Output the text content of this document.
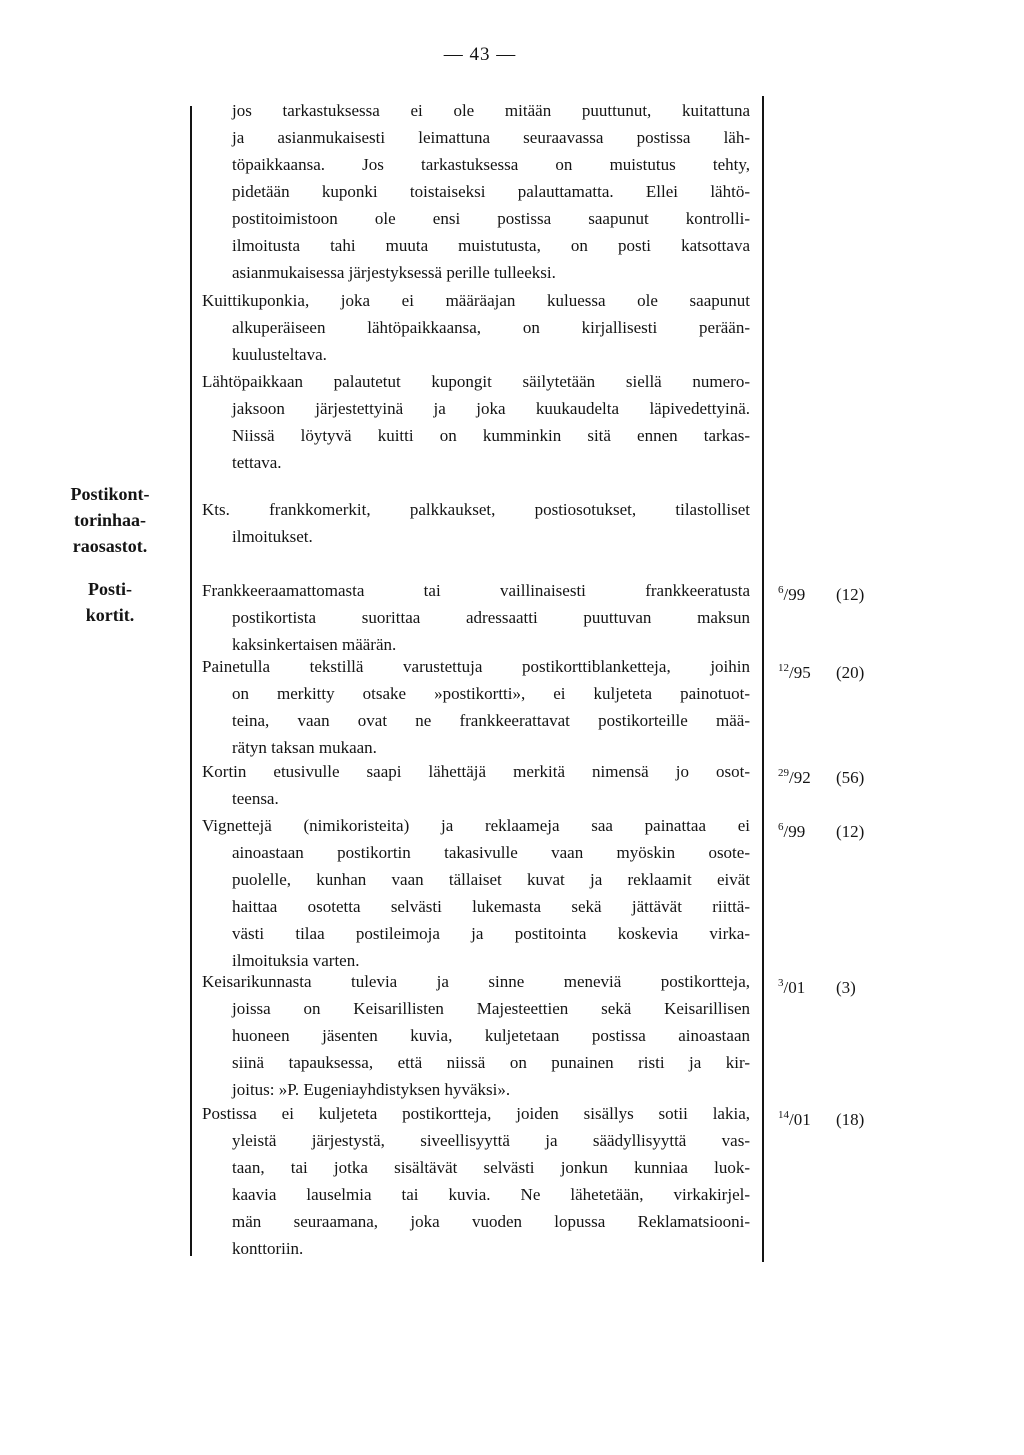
— 43 —
Postikont-
torinhaa-
raosastot.
Posti-
kortit.
jos tarkastuksessa ei ole mitään puuttunut, kuitattuna
ja asianmukaisesti leimattuna seuraavassa postissa läh-
töpaikkaansa. Jos tarkastuksessa on muistutus tehty,
pidetään kuponki toistaiseksi palauttamatta. Ellei lähtö-
postitoimistoon ole ensi postissa saapunut kontrolli-
ilmoitusta tahi muuta muistutusta, on posti katsottava
asianmukaisessa järjestyksessä perille tulleeksi.
Kuittikuponkia, joka ei määräajan kuluessa ole saapunut
alkuperäiseen lähtöpaikkaansa, on kirjallisesti perään-
kuulusteltava.
Lähtöpaikkaan palautetut kupongit säilytetään siellä numero-
jaksoon järjestettyinä ja joka kuukaudelta läpivedettyinä.
Niissä löytyvä kuitti on kumminkin sitä ennen tarkas-
tettava.
Kts. frankkomerkit, palkkaukset, postiosotukset, tilastolliset
ilmoitukset.
Frankkeeraamattomasta tai vaillinaisesti frankkeeratusta
postikortista suorittaa adressaatti puuttuvan maksun
kaksinkertaisen määrän.
Painetulla tekstillä varustettuja postikorttiblanketteja, joihin
on merkitty otsake »postikortti», ei kuljeteta painotuot-
teina, vaan ovat ne frankkeerattavat postikorteille mää-
rätyn taksan mukaan.
Kortin etusivulle saapi lähettäjä merkitä nimensä jo osot-
teensa.
Vignettejä (nimikoristeita) ja reklaameja saa painattaa ei
ainoastaan postikortin takasivulle vaan myöskin osote-
puolelle, kunhan vaan tällaiset kuvat ja reklaamit eivät
haittaa osotetta selvästi lukemasta sekä jättävät riittä-
västi tilaa postileimoja ja postitointa koskevia virka-
ilmoituksia varten.
Keisarikunnasta tulevia ja sinne meneviä postikortteja,
joissa on Keisarillisten Majesteettien sekä Keisarillisen
huoneen jäsenten kuvia, kuljetetaan postissa ainoastaan
siinä tapauksessa, että niissä on punainen risti ja kir-
joitus: »P. Eugeniayhdistyksen hyväksi».
Postissa ei kuljeteta postikortteja, joiden sisällys sotii lakia,
yleistä järjestystä, siveellisyyttä ja säädyllisyyttä vas-
taan, tai jotka sisältävät selvästi jonkun kunniaa luok-
kaavia lauselmia tai kuvia. Ne lähetetään, virkakirjel-
män seuraamana, joka vuoden lopussa Reklamatsiooni-
konttoriin.
$^6$/99 (12)
$^{12}$/95 (20)
$^{29}$/92 (56)
$^6$/99 (12)
$^3$/01 (3)
$^{14}$/01 (18)
